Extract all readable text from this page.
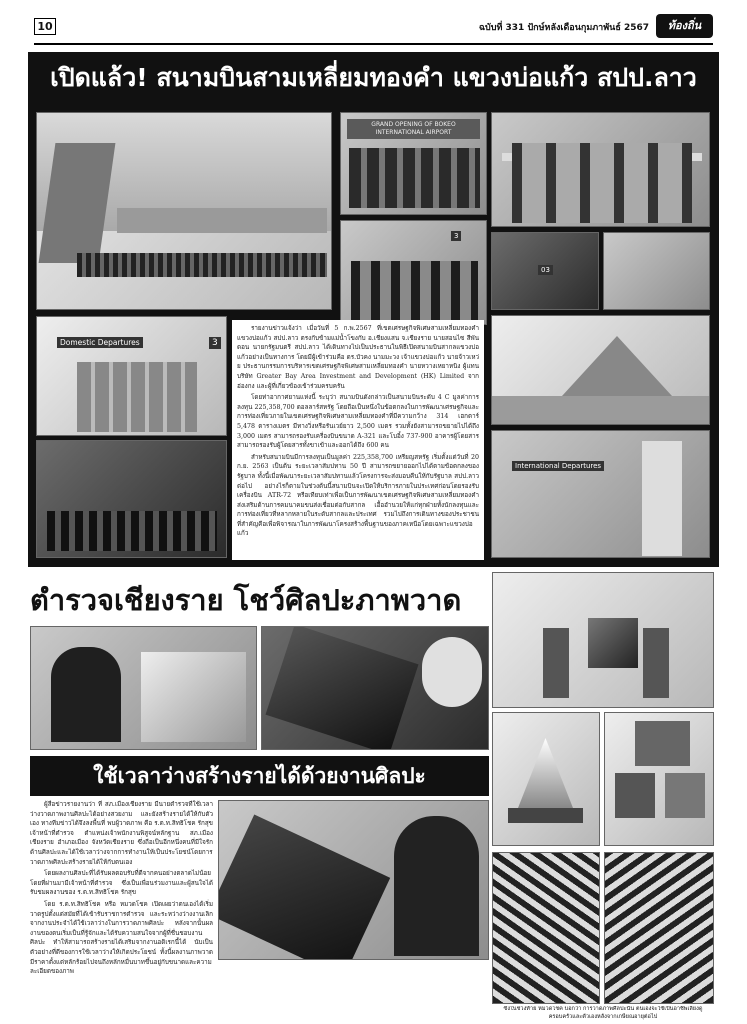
10	ฉบับที่ 331 ปักษ์หลังเดือนกุมภาพันธ์ 2567	ท้องถิ่น
เปิดแล้ว! สนามบินสามเหลี่ยมทองคำ แขวงบ่อแก้ว สปป.ลาว
GRAND OPENING OF BOKEO INTERNATIONAL AIRPORT
3
03
Domestic Departures	3
International Departures

รายงานข่าวแจ้งว่า เมื่อวันที่ 5 ก.พ.2567 ที่เขตเศรษฐกิจพิเศษสามเหลี่ยมทองคำ แขวงบ่อแก้ว สปป.ลาว ตรงกับข้ามแม่น้ำโขงกับ อ.เชียงแสน จ.เชียงราย นายสอนไซ สีพันดอน นายกรัฐมนตรี สปป.ลาว ได้เดินทางไปเป็นประธานในพิธีเปิดสนามบินสากลแขวงบ่อแก้วอย่างเป็นทางการ โดยมีผู้เข้าร่วมคือ ดร.บัวคง นามมะวง เจ้าแขวงบ่อแก้ว นายจ้าวเหว่ย ประธานกรรมการบริหารเขตเศรษฐกิจพิเศษสามเหลี่ยมทองคำ นายหวางเหยาหนิง ผู้แทนบริษัท Greater Bay Area Investment and Development (HK) Limited จากฮ่องกง และผู้ที่เกี่ยวข้องเข้าร่วมครบครัน

โดยท่าอากาศยานแห่งนี้ ระบุว่า สนามบินดังกล่าวเป็นสนามบินระดับ 4 C มูลค่าการลงทุน 225,358,700 ดอลลาร์สหรัฐ โดยถือเป็นหนึ่งในข้อตกลงในการพัฒนาเศรษฐกิจและการท่องเที่ยวภายในเขตเศรษฐกิจพิเศษสามเหลี่ยมทองคำที่มีความกว้าง 314 เฮกตาร์ 5,478 ตารางเมตร มีทางวิ่งหรือรันเวย์ยาว 2,500 เมตร รวมทั้งยังสามารถขยายไปได้ถึง 3,000 เมตร สามารถรองรับเครื่องบินขนาด A-321 และโบอิ้ง 737-900 อาคารผู้โดยสารสามารถรองรับผู้โดยสารทั้งขาเข้าและออกได้ถึง 600 คน

สำหรับสนามบินมีการลงทุนเป็นมูลค่า 225,358,700 เหรียญสหรัฐ เริ่มตั้งแต่วันที่ 20 ก.ย. 2563 เป็นต้น ระยะเวลาสัมปทาน 50 ปี สามารถขยายออกไปได้ตามข้อตกลงของรัฐบาล ทั้งนี้เมื่อพัฒนาระยะเวลาสัมปทานแล้วโครงการจะส่งมอบคืนให้กับรัฐบาล สปป.ลาว ต่อไป อย่างไรก็ตามในช่วงต้นนี้สนามบินจะเปิดให้บริการภายในประเทศก่อนโดยรองรับเครื่องบิน ATR-72 หรือเทียบเท่าเพื่อเป็นการพัฒนาเขตเศรษฐกิจพิเศษสามเหลี่ยมทองคำ ส่งเสริมด้านการคมนาคมขนส่งเชื่อมต่อกับสากล เอื้ออำนวยให้แก่ทุกฝ่ายทั้งนักลงทุนและการท่องเที่ยวที่หลากหลายในระดับสากลและประเทศ รวมไปถึงการเดินทางของประชาชน ที่สำคัญคือเพื่อพิจารณาในการพัฒนาโครงสร้างพื้นฐานของภาคเหนือโดยเฉพาะแขวงบ่อแก้ว

ตำรวจเชียงราย โชว์ศิลปะภาพวาด
ใช้เวลาว่างสร้างรายได้ด้วยงานศิลปะ

ผู้สื่อข่าวรายงานว่า ที่ สภ.เมืองเชียงราย มีนายตำรวจที่ใช้เวลาว่างวาดภาพงานศิลปะได้อย่างสวยงาม และยังสร้างรายได้ให้กับตัวเอง ทางทีมข่าวได้จึงลงพื้นที่ พบผู้วาดภาพ คือ ร.ต.ท.สิทธิโชค รักสุข เจ้าหน้าที่ตำรวจ ตำแหน่งเจ้าพนักงานพิสูจน์หลักฐาน สภ.เมืองเชียงราย อำเภอเมือง จังหวัดเชียงราย ซึ่งถือเป็นอีกหนึ่งคนที่มีใจรักด้านศิลปะและได้ใช้เวลาว่างจากการทำงานให้เป็นประโยชน์โดยการวาดภาพศิลปะสร้างรายได้ให้กับตนเอง

โดยผลงานศิลปะที่ได้รับผลตอบรับที่ดีจากคนอย่างตลาดไม่น้อย โดยที่ผ่านมามีเจ้าหน้าที่ตำรวจ ซึ่งเป็นเพื่อนร่วมงานและผู้สนใจได้รับชมผลงานของ ร.ต.ท.สิทธิโชค รักสุข

โดย ร.ต.ท.สิทธิโชค หรือ หมวดโชค เปิดเผยว่าตนเองได้เริ่มวาดรูปตั้งแต่สมัยที่ได้เข้ารับราชการตำรวจ และระหว่างว่างงานเลิกจากงานประจำได้ใช้เวลาว่างในการวาดภาพศิลปะ หลังจากนั้นผลงานของตนเริ่มเป็นที่รู้จักและได้รับความสนใจจากผู้ที่ชื่นชอบงานศิลปะ ทำให้สามารถสร้างรายได้เสริมจากงานอดิเรกนี้ได้ นับเป็นตัวอย่างที่ดีของการใช้เวลาว่างให้เกิดประโยชน์ ทั้งนี้ผลงานภาพวาดมีราคาตั้งแต่หลักร้อยไปจนถึงหลักหมื่นบาทขึ้นอยู่กับขนาดและความละเอียดของภาพ

ซึ่งในช่วงท้าย หมวดโชค บอกว่า การวาดภาพศิลปะนั้น ตนเองจะใช้เป็นอาชีพเลี้ยงดูครอบครัวและตัวเองหลังจากเกษียณอายุต่อไป
